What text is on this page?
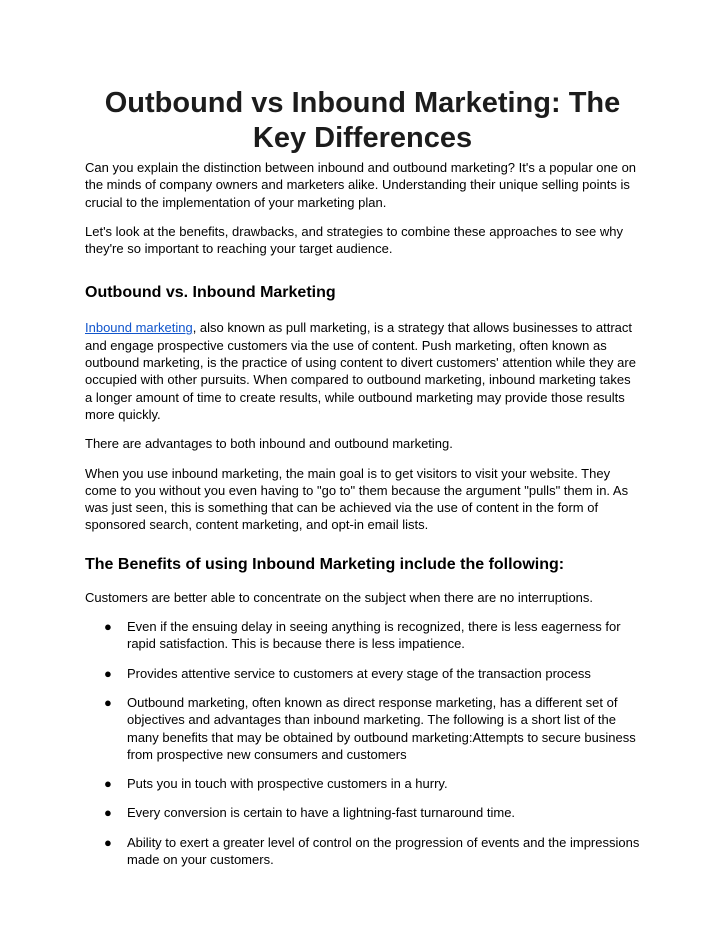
Outbound vs Inbound Marketing: The Key Differences

Can you explain the distinction between inbound and outbound marketing? It's a popular one on the minds of company owners and marketers alike. Understanding their unique selling points is crucial to the implementation of your marketing plan.

Let's look at the benefits, drawbacks, and strategies to combine these approaches to see why they're so important to reaching your target audience.

Outbound vs. Inbound Marketing

Inbound marketing, also known as pull marketing, is a strategy that allows businesses to attract and engage prospective customers via the use of content. Push marketing, often known as outbound marketing, is the practice of using content to divert customers' attention while they are occupied with other pursuits. When compared to outbound marketing, inbound marketing takes a longer amount of time to create results, while outbound marketing may provide those results more quickly.

There are advantages to both inbound and outbound marketing.

When you use inbound marketing, the main goal is to get visitors to visit your website. They come to you without you even having to "go to" them because the argument "pulls" them in. As was just seen, this is something that can be achieved via the use of content in the form of sponsored search, content marketing, and opt-in email lists.

The Benefits of using Inbound Marketing include the following:

Customers are better able to concentrate on the subject when there are no interruptions.

● Even if the ensuing delay in seeing anything is recognized, there is less eagerness for rapid satisfaction. This is because there is less impatience.
● Provides attentive service to customers at every stage of the transaction process
● Outbound marketing, often known as direct response marketing, has a different set of objectives and advantages than inbound marketing. The following is a short list of the many benefits that may be obtained by outbound marketing:Attempts to secure business from prospective new consumers and customers
● Puts you in touch with prospective customers in a hurry.
● Every conversion is certain to have a lightning-fast turnaround time.
● Ability to exert a greater level of control on the progression of events and the impressions made on your customers.
